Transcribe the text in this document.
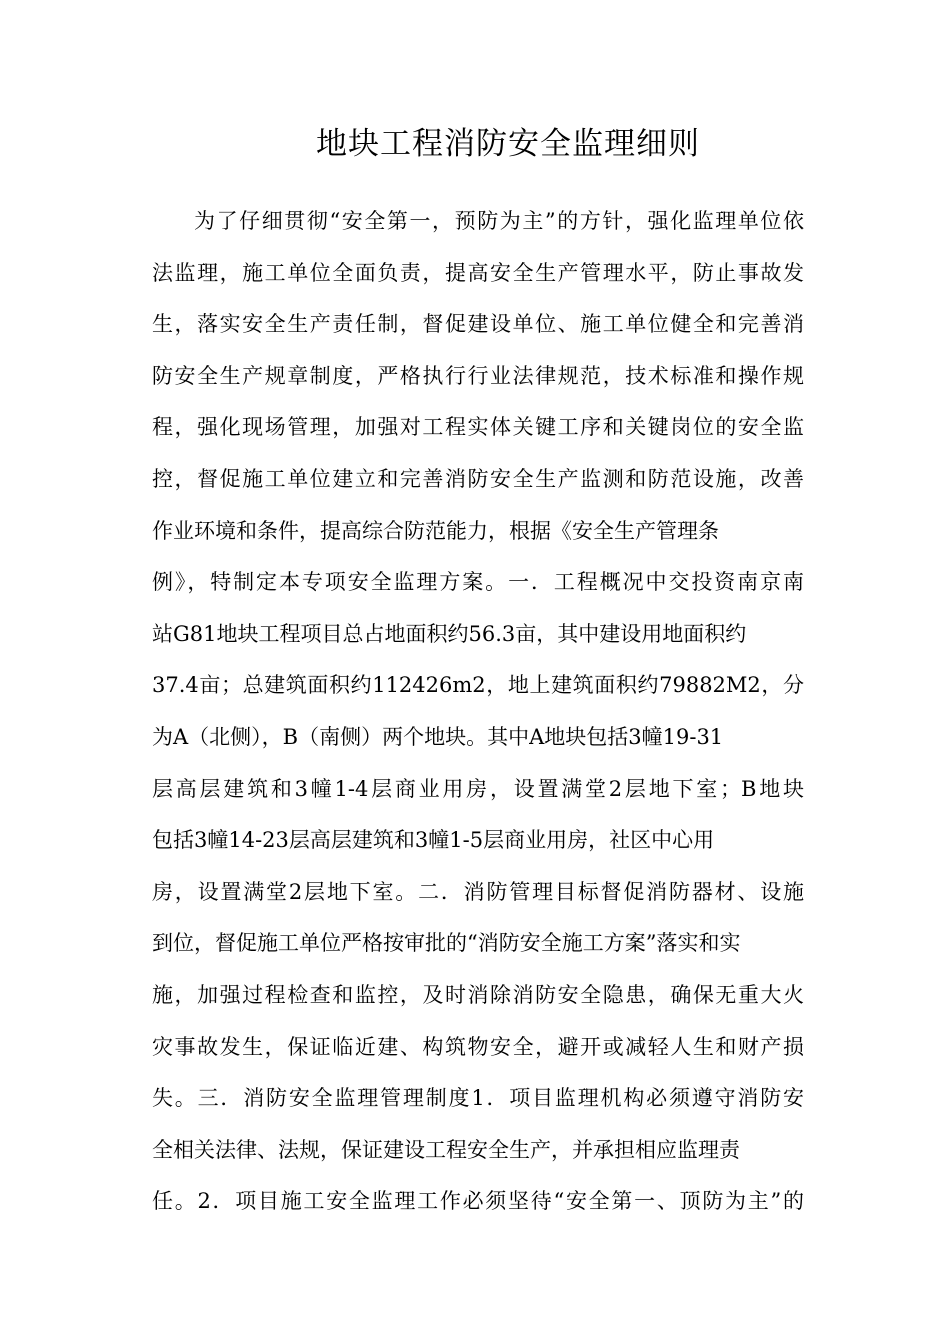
地块工程消防安全监理细则
为了仔细贯彻“安全第一，预防为主”的方针，强化监理单位依
法监理，施工单位全面负责，提高安全生产管理水平，防止事故发
生，落实安全生产责任制，督促建设单位、施工单位健全和完善消
防安全生产规章制度，严格执行行业法律规范，技术标准和操作规
程，强化现场管理，加强对工程实体关键工序和关键岗位的安全监
控，督促施工单位建立和完善消防安全生产监测和防范设施，改善
作业环境和条件，提高综合防范能力，根据《安全生产管理条
例》，特制定本专项安全监理方案。一．工程概况中交投资南京南
站G81地块工程项目总占地面积约56.3亩，其中建设用地面积约
37.4亩；总建筑面积约112426m2，地上建筑面积约79882M2，分
为A（北侧），B（南侧）两个地块。其中A地块包括3幢19-31
层高层建筑和3幢1-4层商业用房，设置满堂2层地下室；B地块
包括3幢14-23层高层建筑和3幢1-5层商业用房，社区中心用
房，设置满堂2层地下室。二．消防管理目标督促消防器材、设施
到位，督促施工单位严格按审批的“消防安全施工方案”落实和实
施，加强过程检查和监控，及时消除消防安全隐患，确保无重大火
灾事故发生，保证临近建、构筑物安全，避开或减轻人生和财产损
失。三．消防安全监理管理制度1．项目监理机构必须遵守消防安
全相关法律、法规，保证建设工程安全生产，并承担相应监理责
任。2．项目施工安全监理工作必须坚待“安全第一、顶防为主”的
